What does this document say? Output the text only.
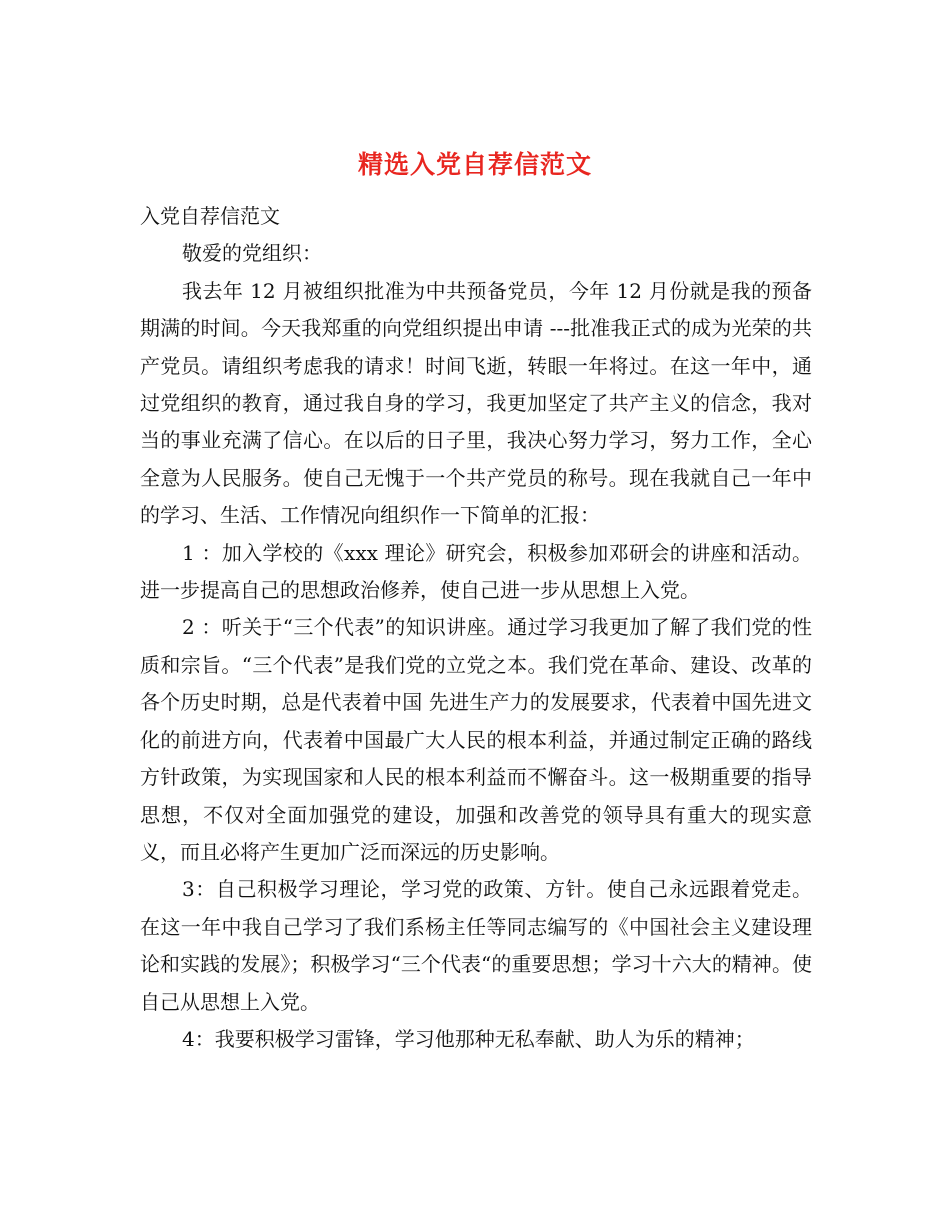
精选入党自荐信范文

入党自荐信范文

敬爱的党组织：

我去年 12 月被组织批准为中共预备党员，今年 12 月份就是我的预备期满的时间。今天我郑重的向党组织提出申请 ---批准我正式的成为光荣的共产党员。请组织考虑我的请求！时间飞逝，转眼一年将过。在这一年中，通过党组织的教育，通过我自身的学习，我更加坚定了共产主义的信念，我对当的事业充满了信心。在以后的日子里，我决心努力学习，努力工作，全心全意为人民服务。使自己无愧于一个共产党员的称号。现在我就自己一年中的学习、生活、工作情况向组织作一下简单的汇报：

1 ：加入学校的《xxx 理论》研究会，积极参加邓研会的讲座和活动。进一步提高自己的思想政治修养，使自己进一步从思想上入党。

2 ：听关于“三个代表”的知识讲座。通过学习我更加了解了我们党的性质和宗旨。“三个代表”是我们党的立党之本。我们党在革命、建设、改革的各个历史时期，总是代表着中国 先进生产力的发展要求，代表着中国先进文化的前进方向，代表着中国最广大人民的根本利益，并通过制定正确的路线方针政策，为实现国家和人民的根本利益而不懈奋斗。这一极期重要的指导思想，不仅对全面加强党的建设，加强和改善党的领导具有重大的现实意义，而且必将产生更加广泛而深远的历史影响。

3：自己积极学习理论，学习党的政策、方针。使自己永远跟着党走。在这一年中我自己学习了我们系杨主任等同志编写的《中国社会主义建设理论和实践的发展》；积极学习“三个代表“的重要思想；学习十六大的精神。使自己从思想上入党。

4：我要积极学习雷锋，学习他那种无私奉献、助人为乐的精神；
